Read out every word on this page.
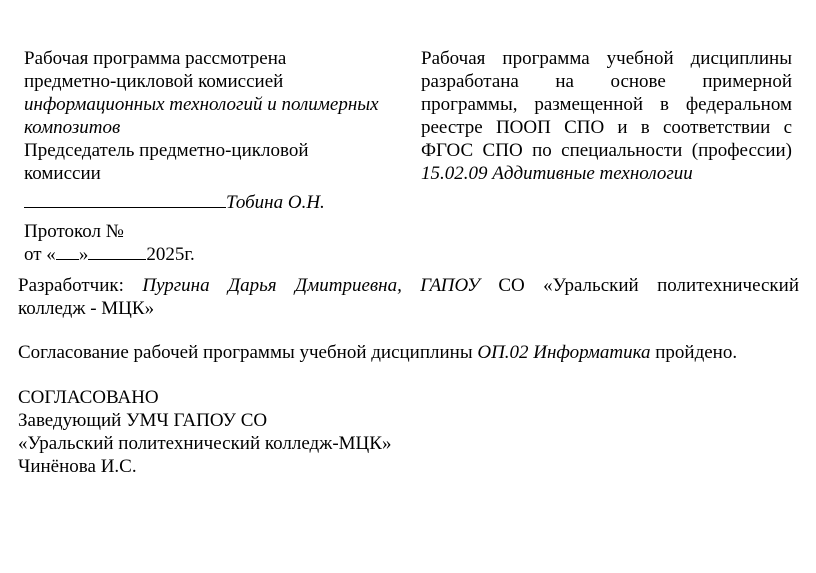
Рабочая программа рассмотрена
предметно-цикловой комиссией
информационных технологий и полимерных
композитов
Председатель предметно-цикловой
комиссии
Тобина О.Н.
Протокол №
от « »	2025г.
Рабочая программа учебной дисциплины
разработана на основе примерной
программы, размещенной в федеральном
реестре ПООП СПО и в соответствии с
ФГОС СПО по специальности (профессии)
15.02.09 Аддитивные технологии
Разработчик: Пургина Дарья Дмитриевна, ГАПОУ СО «Уральский политехнический
колледж - МЦК»
Согласование рабочей программы учебной дисциплины ОП.02 Информатика пройдено.
СОГЛАСОВАНО
Заведующий УМЧ ГАПОУ СО
«Уральский политехнический колледж-МЦК»
Чинёнова И.С.
